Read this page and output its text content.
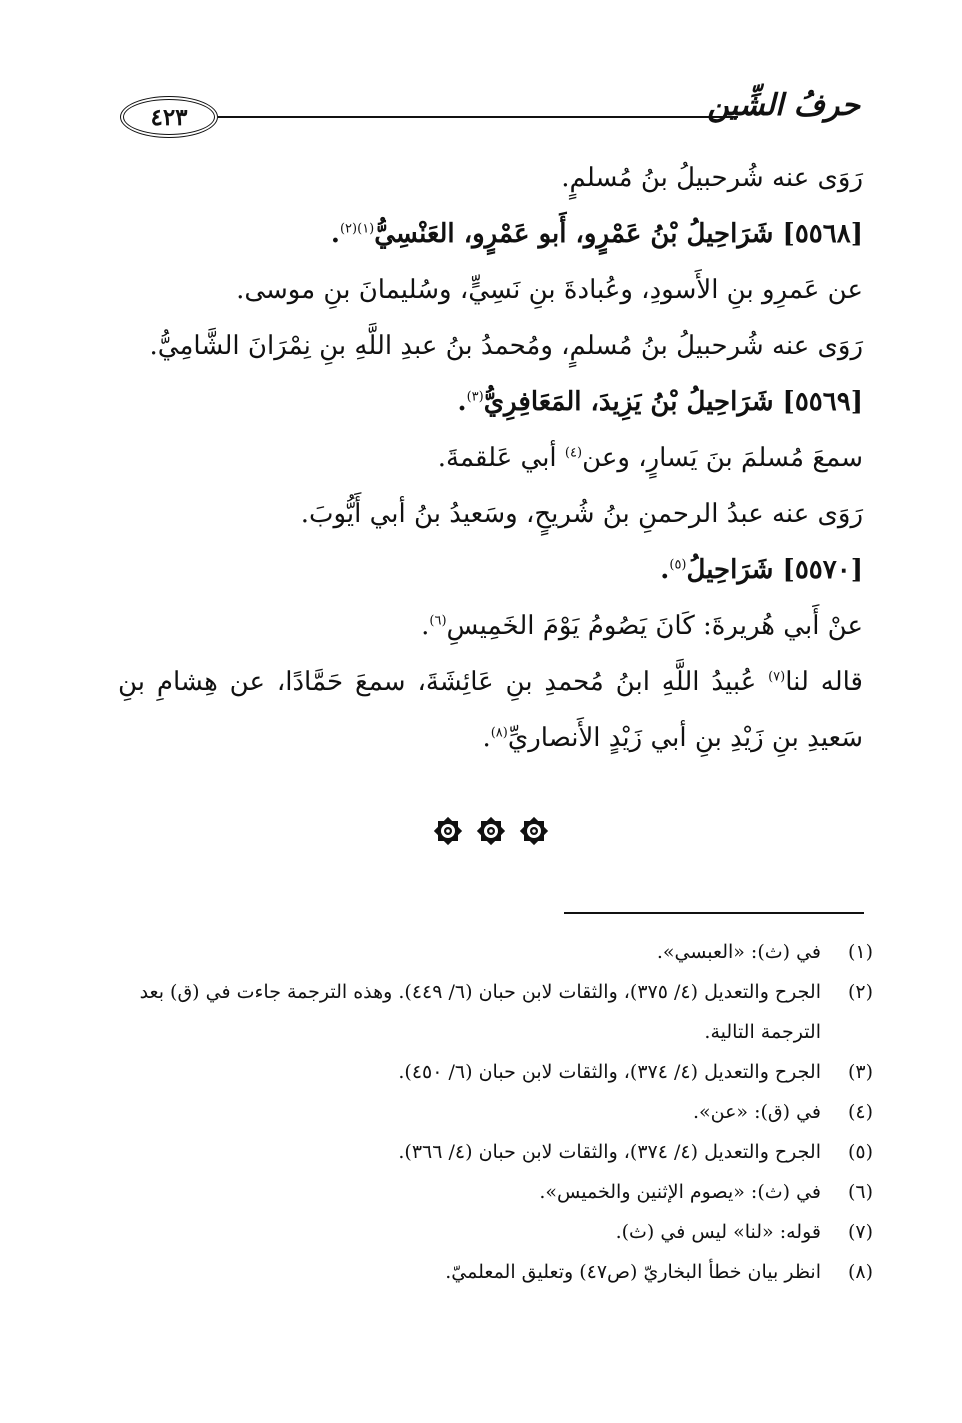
٤٢٣	حرفُ الشِّين
رَوَى عنه شُرحبيلُ بنُ مُسلمٍ.
[٥٥٦٨] شَرَاحِيلُ بْنُ عَمْرٍو، أَبو عَمْرٍو، العَنْسِيُّ$^{(١)(٢)}$.
عن عَمرِو بنِ الأَسودِ، وعُبادةَ بنِ نَسِيٍّ، وسُليمانَ بنِ موسى.
رَوَى عنه شُرحبيلُ بنُ مُسلمٍ، ومُحمدُ بنُ عبدِ اللَّهِ بنِ نِمْرَانَ الشَّامِيُّ.
[٥٥٦٩] شَرَاحِيلُ بْنُ يَزِيدَ، المَعَافِرِيُّ$^{(٣)}$.
سمعَ مُسلمَ بنَ يَسارٍ، وعن$^{(٤)}$ أبي عَلقمةَ.
رَوَى عنه عبدُ الرحمنِ بنُ شُريحٍ، وسَعيدُ بنُ أبي أَيُّوبَ.
[٥٥٧٠] شَرَاحِيلُ$^{(٥)}$.
عنْ أَبي هُريرةَ: كَانَ يَصُومُ يَوْمَ الخَمِيسِ$^{(٦)}$.
قاله لنا$^{(٧)}$ عُبيدُ اللَّهِ ابنُ مُحمدِ بنِ عَائِشَةَ، سمعَ حَمَّادًا، عن هِشامِ بنِ
سَعيدِ بنِ زَيْدِ بنِ أبي زَيْدٍ الأَنصاريِّ$^{(٨)}$.
(١)
في (ث): «العبسي».
(٢)
الجرح والتعديل (٤/ ٣٧٥)، والثقات لابن حبان (٦/ ٤٤٩). وهذه الترجمة جاءت في (ق) بعد الترجمة التالية.
(٣)
الجرح والتعديل (٤/ ٣٧٤)، والثقات لابن حبان (٦/ ٤٥٠).
(٤)
في (ق): «عن».
(٥)
الجرح والتعديل (٤/ ٣٧٤)، والثقات لابن حبان (٤/ ٣٦٦).
(٦)
في (ث): «يصوم الإثنين والخميس».
(٧)
قوله: «لنا» ليس في (ث).
(٨)
انظر بيان خطأ البخاريّ (ص٤٧) وتعليق المعلميّ.
